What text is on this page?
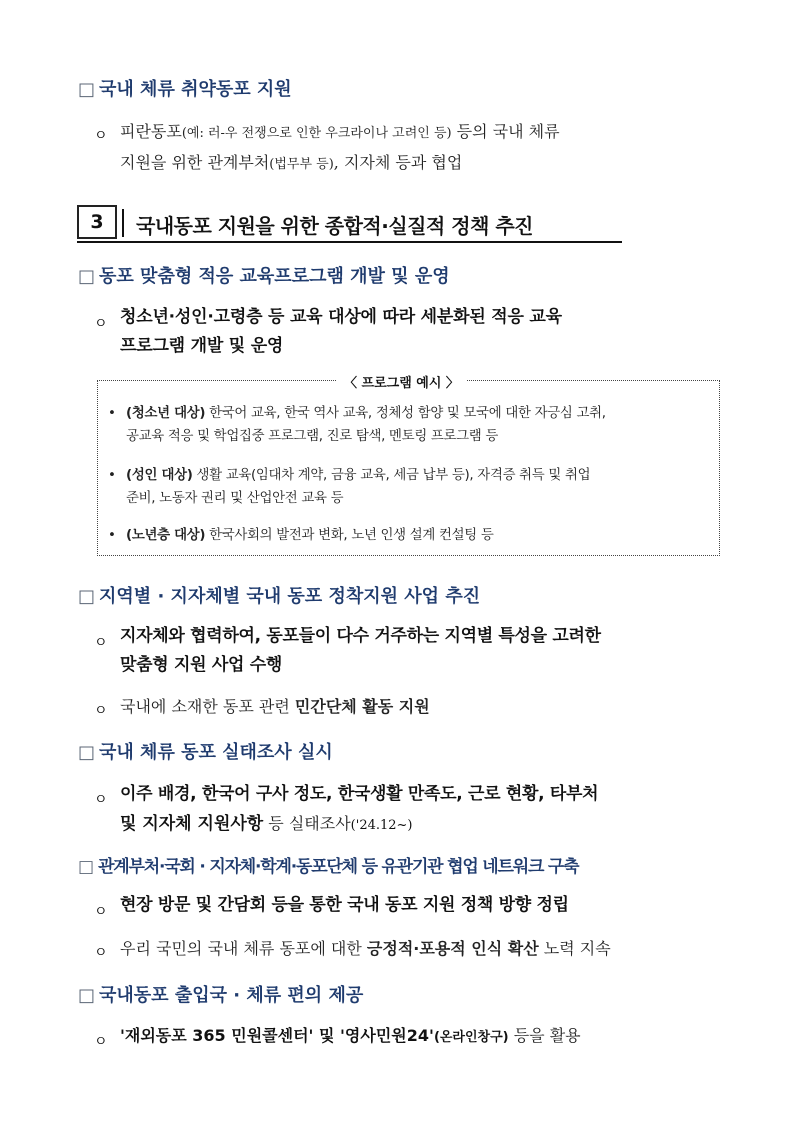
□ 국내 체류 취약동포 지원
ㅇ 피란동포(예: 러-우 전쟁으로 인한 우크라이나 고려인 등) 등의 국내 체류
지원을 위한 관계부처(법무부 등), 지자체 등과 협업
3	국내동포 지원을 위한 종합적·실질적 정책 추진
□ 동포 맞춤형 적응 교육프로그램 개발 및 운영
ㅇ 청소년·성인·고령층 등 교육 대상에 따라 세분화된 적응 교육
프로그램 개발 및 운영
〈 프로그램 예시 〉
• (청소년 대상) 한국어 교육, 한국 역사 교육, 정체성 함양 및 모국에 대한 자긍심 고취,
공교육 적응 및 학업집중 프로그램, 진로 탐색, 멘토링 프로그램 등
• (성인 대상) 생활 교육(임대차 계약, 금융 교육, 세금 납부 등), 자격증 취득 및 취업
준비, 노동자 권리 및 산업안전 교육 등
• (노년층 대상) 한국사회의 발전과 변화, 노년 인생 설계 컨설팅 등
□ 지역별 · 지자체별 국내 동포 정착지원 사업 추진
ㅇ 지자체와 협력하여, 동포들이 다수 거주하는 지역별 특성을 고려한
맞춤형 지원 사업 수행
ㅇ 국내에 소재한 동포 관련 민간단체 활동 지원
□ 국내 체류 동포 실태조사 실시
ㅇ 이주 배경, 한국어 구사 정도, 한국생활 만족도, 근로 현황, 타부처
및 지자체 지원사항 등 실태조사('24.12~)
□ 관계부처·국회 · 지자체·학계·동포단체 등 유관기관 협업 네트워크 구축
ㅇ 현장 방문 및 간담회 등을 통한 국내 동포 지원 정책 방향 정립
ㅇ 우리 국민의 국내 체류 동포에 대한 긍정적·포용적 인식 확산 노력 지속
□ 국내동포 출입국 · 체류 편의 제공
ㅇ '재외동포 365 민원콜센터' 및 '영사민원24'(온라인창구) 등을 활용
